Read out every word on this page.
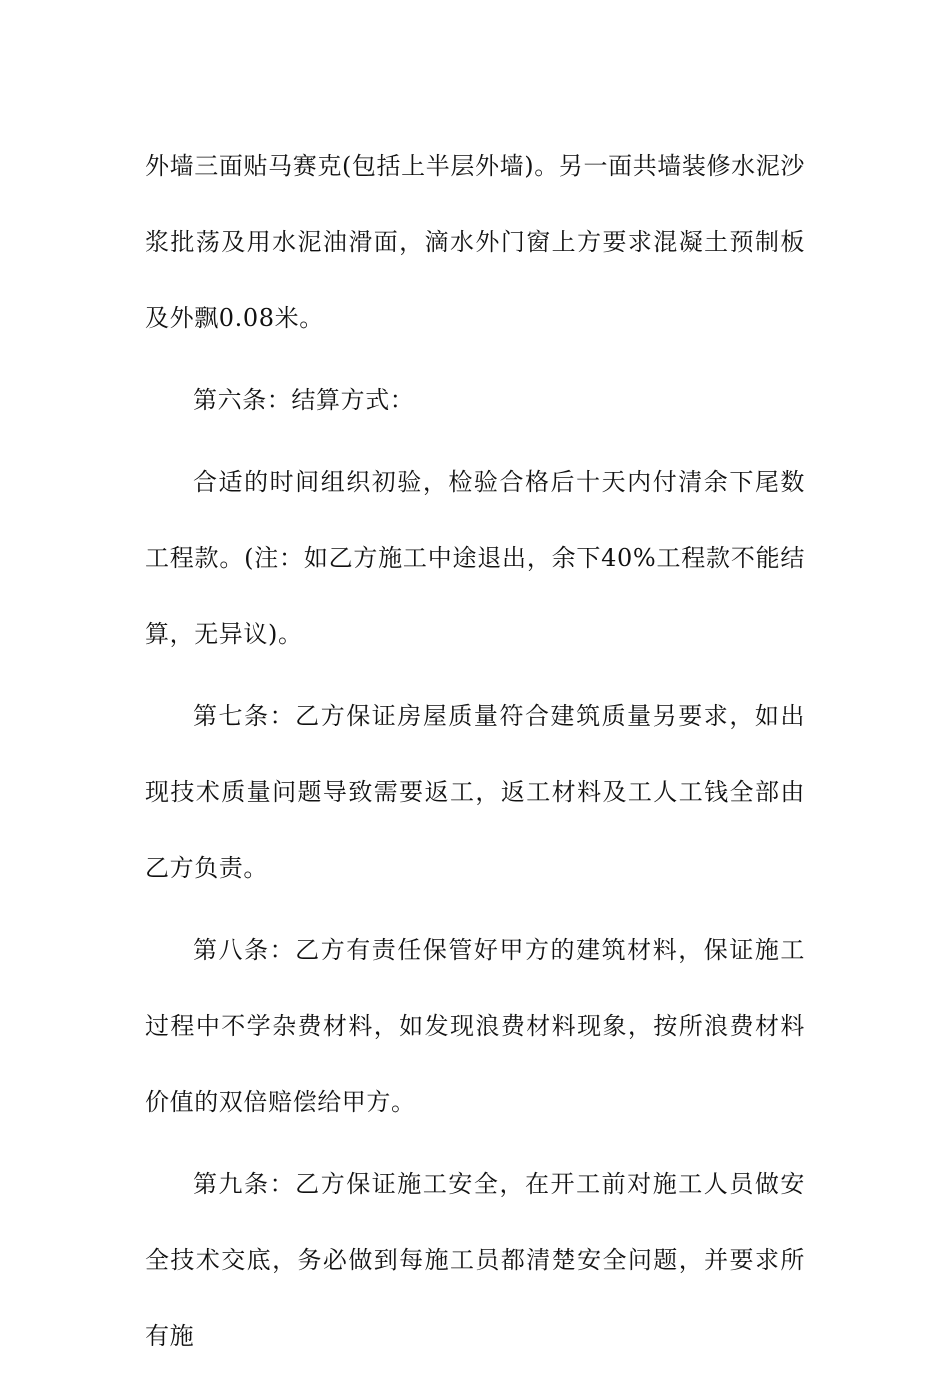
外墙三面贴马赛克(包括上半层外墙)。另一面共墙装修水泥沙浆批荡及用水泥油滑面，滴水外门窗上方要求混凝土预制板及外飘0.08米。

第六条：结算方式：

合适的时间组织初验，检验合格后十天内付清余下尾数工程款。(注：如乙方施工中途退出，余下40%工程款不能结算，无异议)。

第七条：乙方保证房屋质量符合建筑质量另要求，如出现技术质量问题导致需要返工，返工材料及工人工钱全部由乙方负责。

第八条：乙方有责任保管好甲方的建筑材料，保证施工过程中不学杂费材料，如发现浪费材料现象，按所浪费材料价值的双倍赔偿给甲方。

第九条：乙方保证施工安全，在开工前对施工人员做安全技术交底，务必做到每施工员都清楚安全问题，并要求所有施
